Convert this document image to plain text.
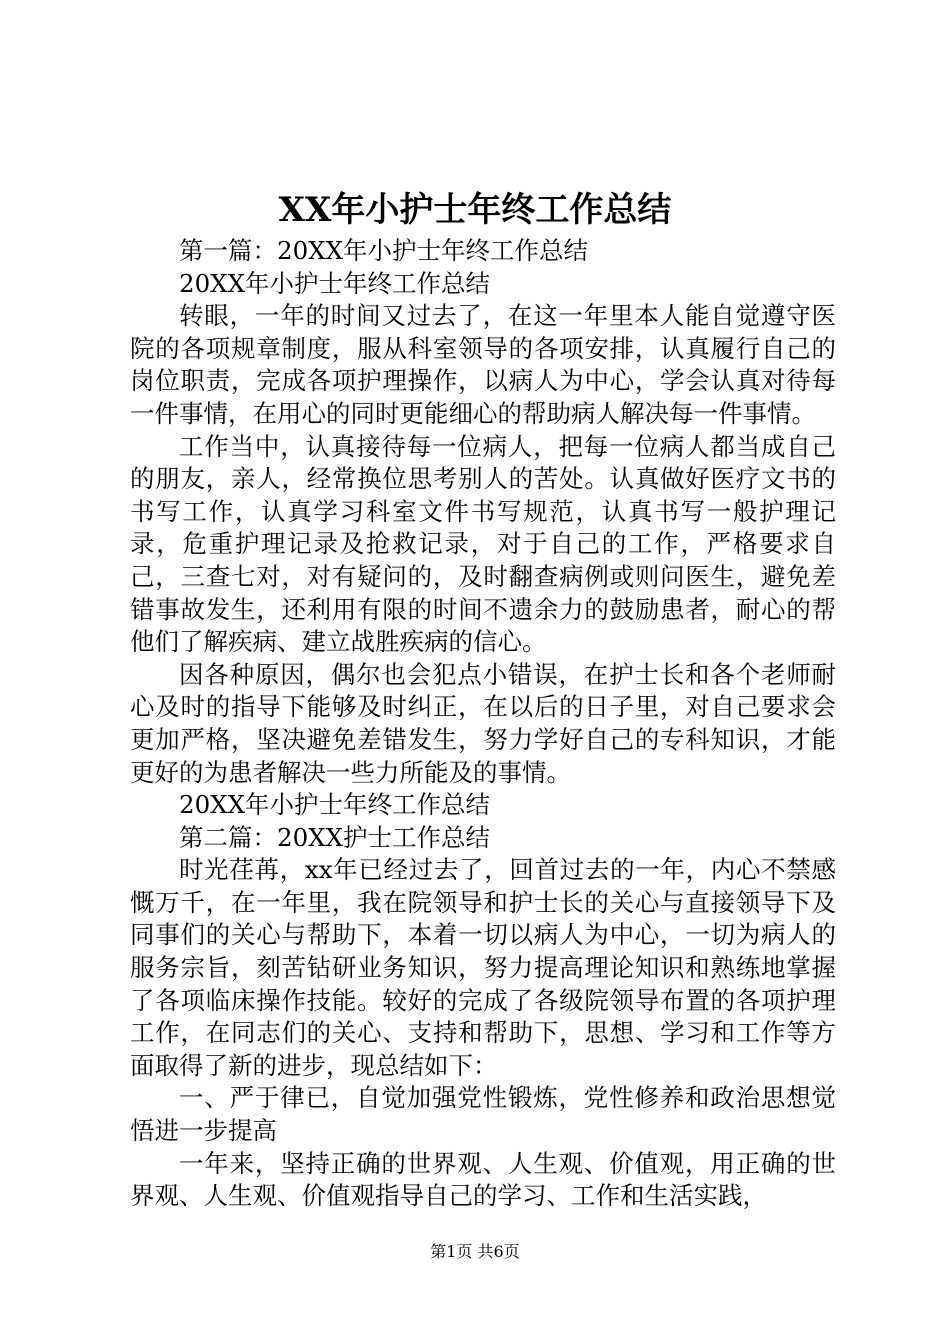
XX年小护士年终工作总结

第一篇：20XX年小护士年终工作总结

20XX年小护士年终工作总结

转眼，一年的时间又过去了，在这一年里本人能自觉遵守医院的各项规章制度，服从科室领导的各项安排，认真履行自己的岗位职责，完成各项护理操作，以病人为中心，学会认真对待每一件事情，在用心的同时更能细心的帮助病人解决每一件事情。

工作当中，认真接待每一位病人，把每一位病人都当成自己的朋友，亲人，经常换位思考别人的苦处。认真做好医疗文书的书写工作，认真学习科室文件书写规范，认真书写一般护理记录，危重护理记录及抢救记录，对于自己的工作，严格要求自己，三查七对，对有疑问的，及时翻查病例或则问医生，避免差错事故发生，还利用有限的时间不遗余力的鼓励患者，耐心的帮他们了解疾病、建立战胜疾病的信心。

因各种原因，偶尔也会犯点小错误，在护士长和各个老师耐心及时的指导下能够及时纠正，在以后的日子里，对自己要求会更加严格，坚决避免差错发生，努力学好自己的专科知识，才能更好的为患者解决一些力所能及的事情。

20XX年小护士年终工作总结

第二篇：20XX护士工作总结

时光荏苒，xx年已经过去了，回首过去的一年，内心不禁感慨万千，在一年里，我在院领导和护士长的关心与直接领导下及同事们的关心与帮助下，本着一切以病人为中心，一切为病人的服务宗旨，刻苦钻研业务知识，努力提高理论知识和熟练地掌握了各项临床操作技能。较好的完成了各级院领导布置的各项护理工作，在同志们的关心、支持和帮助下，思想、学习和工作等方面取得了新的进步，现总结如下：

一、严于律已，自觉加强党性锻炼，党性修养和政治思想觉悟进一步提高

一年来，坚持正确的世界观、人生观、价值观，用正确的世界观、人生观、价值观指导自己的学习、工作和生活实践，

第1页 共6页
